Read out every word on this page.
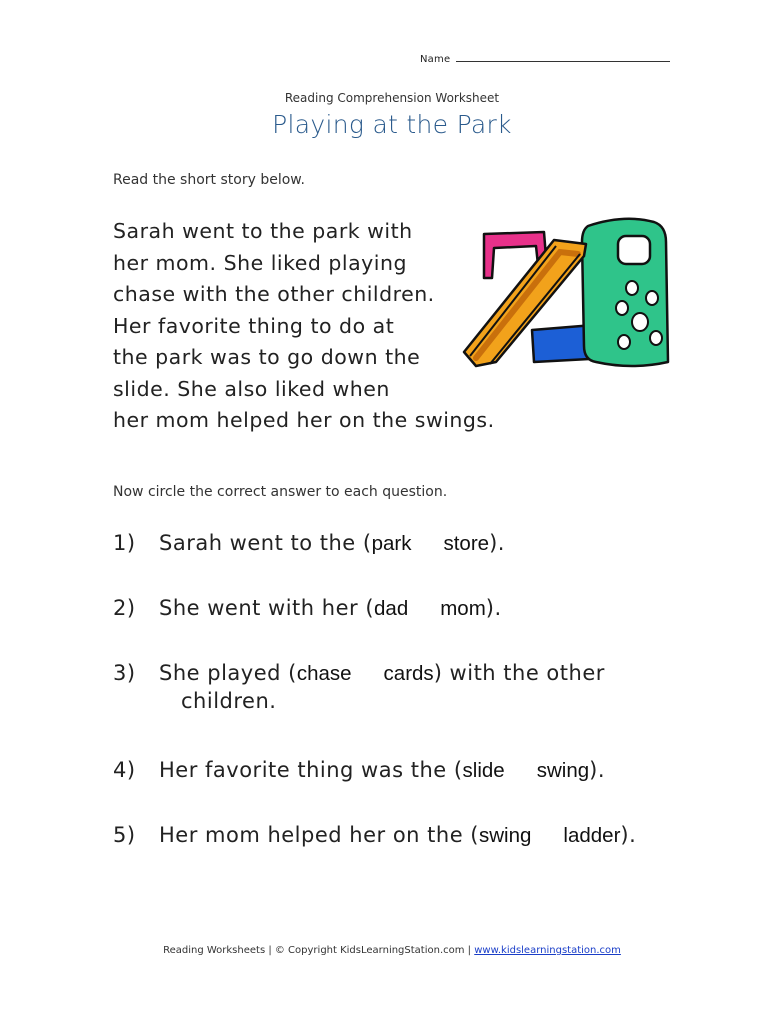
Name
Reading Comprehension Worksheet
Playing at the Park
Read the short story below.
Sarah went to the park with
her mom. She liked playing
chase with the other children.
Her favorite thing to do at
the park was to go down the
slide. She also liked when
her mom helped her on the swings.
Now circle the correct answer to each question.
1) Sarah went to the (park store).
2) She went with her (dad mom).
3) She played (chase cards) with the other
children.
4) Her favorite thing was the (slide swing).
5) Her mom helped her on the (swing ladder).
Reading Worksheets | © Copyright KidsLearningStation.com | www.kidslearningstation.com
